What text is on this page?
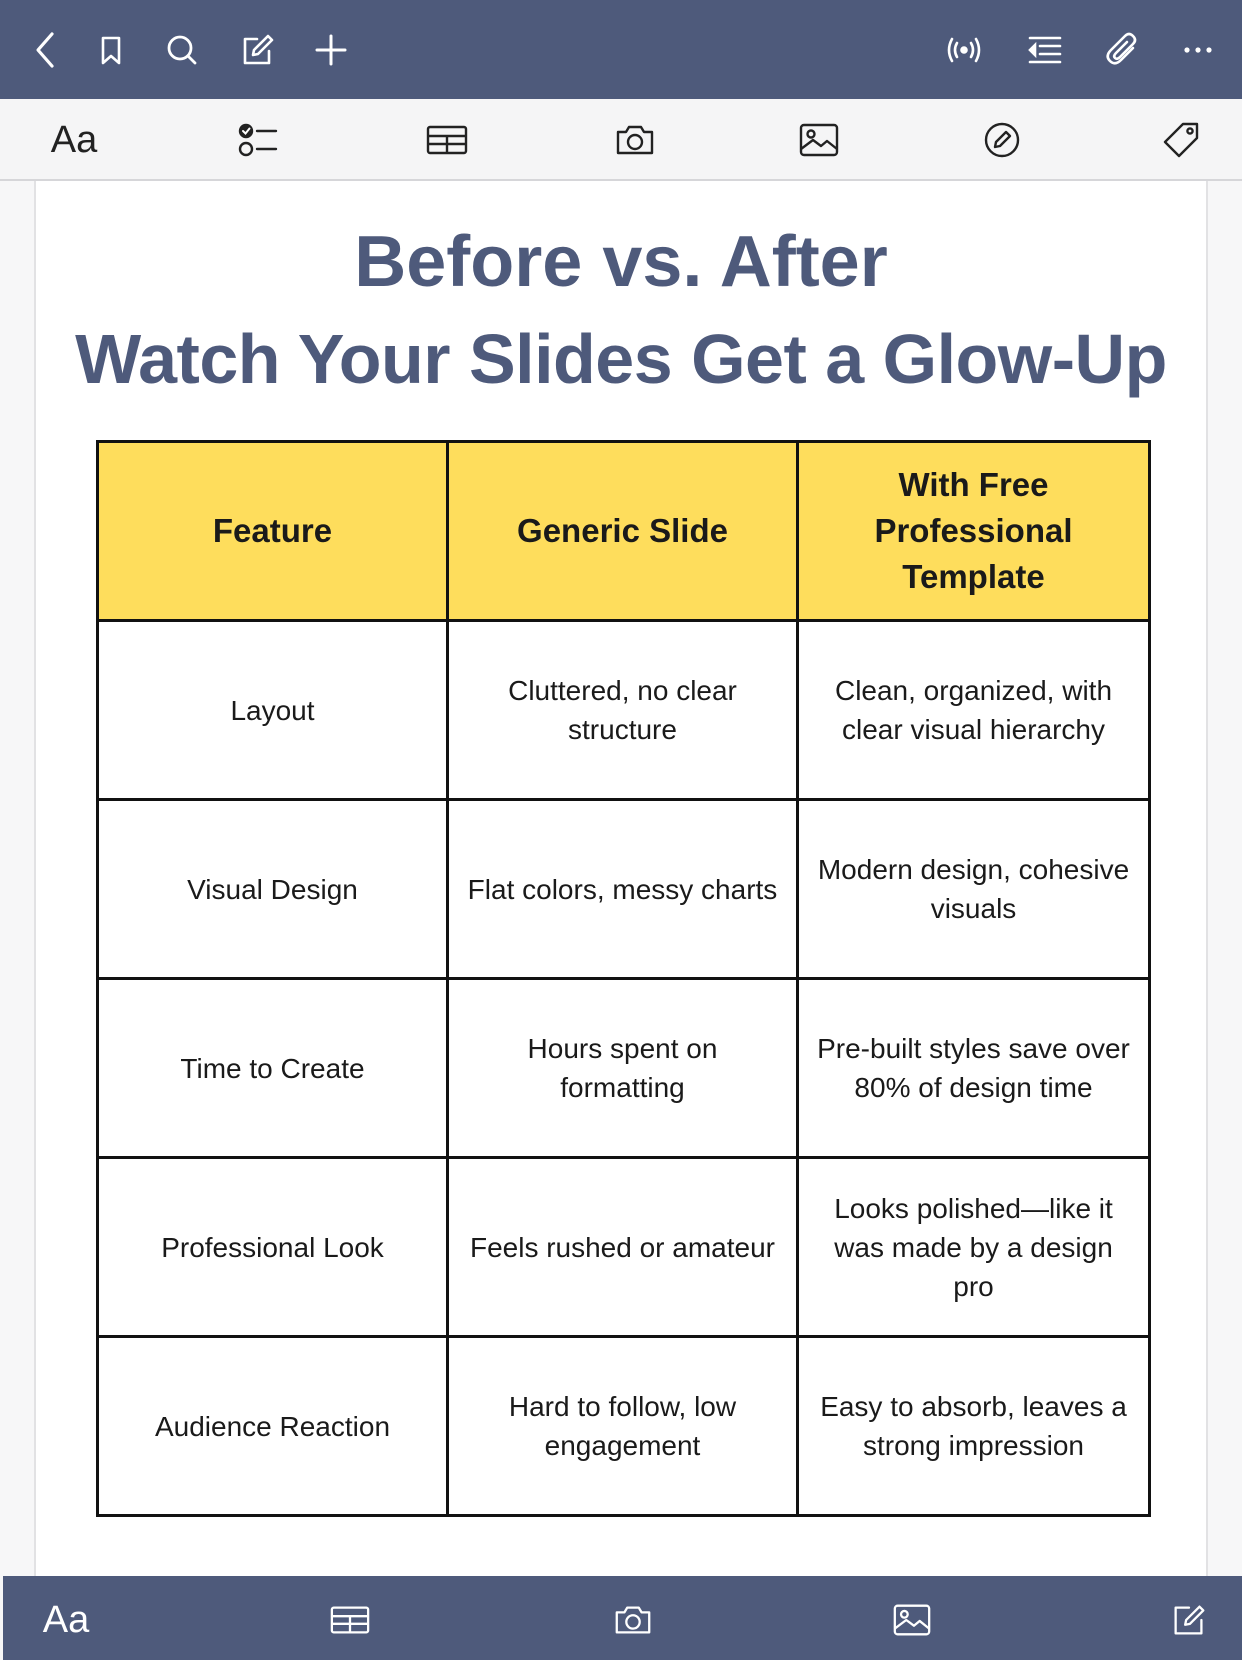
Aa
Before vs. After
Watch Your Slides Get a Glow-Up
Feature	Generic Slide	With Free Professional Template
Layout	Cluttered, no clear structure	Clean, organized, with clear visual hierarchy
Visual Design	Flat colors, messy charts	Modern design, cohesive visuals
Time to Create	Hours spent on formatting	Pre-built styles save over 80% of design time
Professional Look	Feels rushed or amateur	Looks polished—like it was made by a design pro
Audience Reaction	Hard to follow, low engagement	Easy to absorb, leaves a strong impression
Aa
